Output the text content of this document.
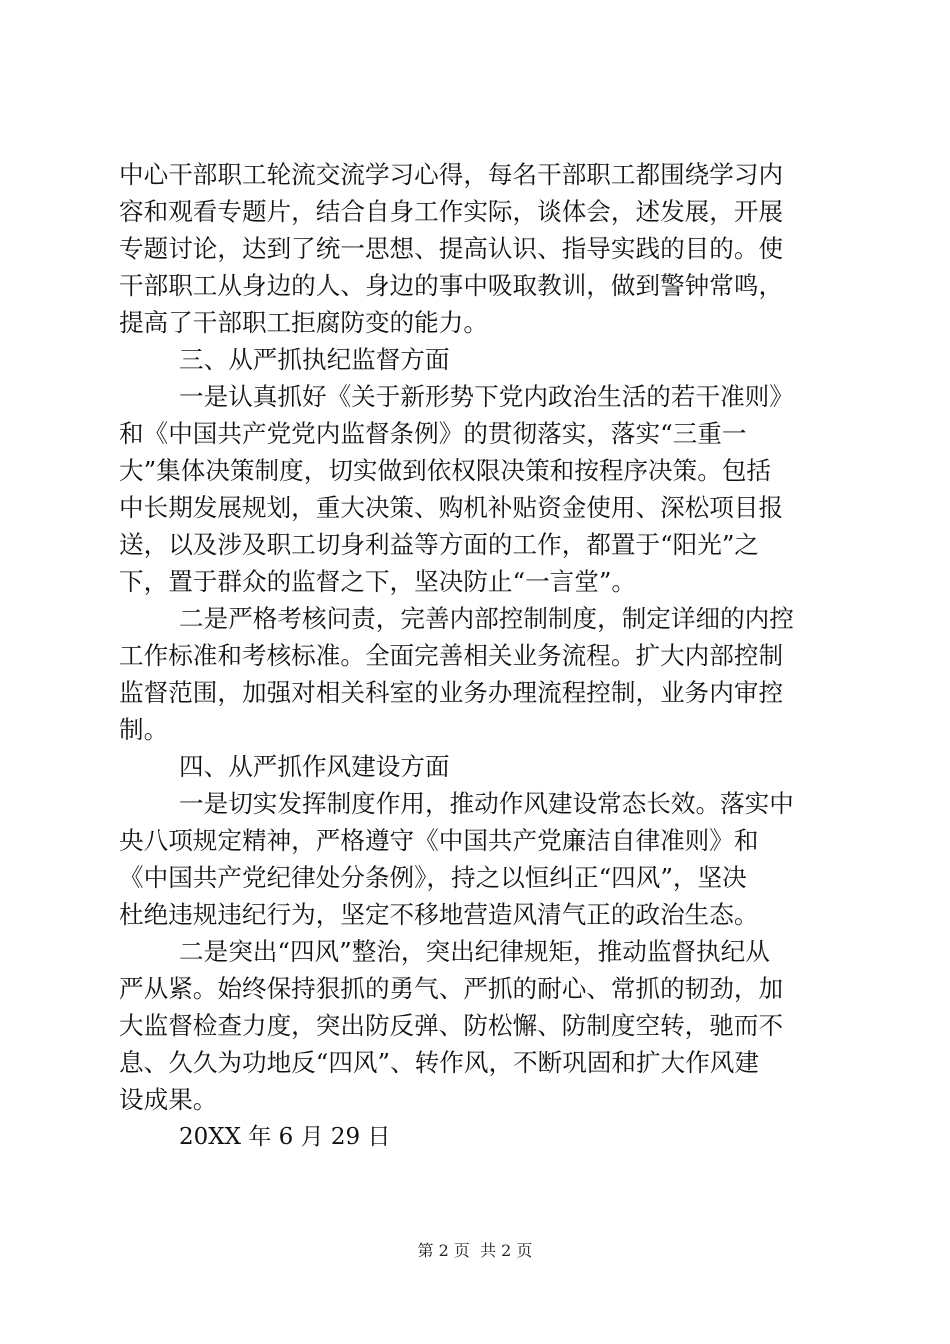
中心干部职工轮流交流学习心得，每名干部职工都围绕学习内
容和观看专题片，结合自身工作实际，谈体会，述发展，开展
专题讨论，达到了统一思想、提高认识、指导实践的目的。使
干部职工从身边的人、身边的事中吸取教训，做到警钟常鸣，
提高了干部职工拒腐防变的能力。
三、从严抓执纪监督方面
一是认真抓好《关于新形势下党内政治生活的若干准则》
和《中国共产党党内监督条例》的贯彻落实，落实“三重一
大”集体决策制度，切实做到依权限决策和按程序决策。包括
中长期发展规划，重大决策、购机补贴资金使用、深松项目报
送，以及涉及职工切身利益等方面的工作，都置于“阳光”之
下，置于群众的监督之下，坚决防止“一言堂”。
二是严格考核问责，完善内部控制制度，制定详细的内控
工作标准和考核标准。全面完善相关业务流程。扩大内部控制
监督范围，加强对相关科室的业务办理流程控制，业务内审控
制。
四、从严抓作风建设方面
一是切实发挥制度作用，推动作风建设常态长效。落实中
央八项规定精神，严格遵守《中国共产党廉洁自律准则》和
《中国共产党纪律处分条例》，持之以恒纠正“四风”，坚决
杜绝违规违纪行为，坚定不移地营造风清气正的政治生态。
二是突出“四风”整治，突出纪律规矩，推动监督执纪从
严从紧。始终保持狠抓的勇气、严抓的耐心、常抓的韧劲，加
大监督检查力度，突出防反弹、防松懈、防制度空转，驰而不
息、久久为功地反“四风”、转作风，不断巩固和扩大作风建
设成果。
20XX 年 6 月 29 日
第 2 页  共 2 页
